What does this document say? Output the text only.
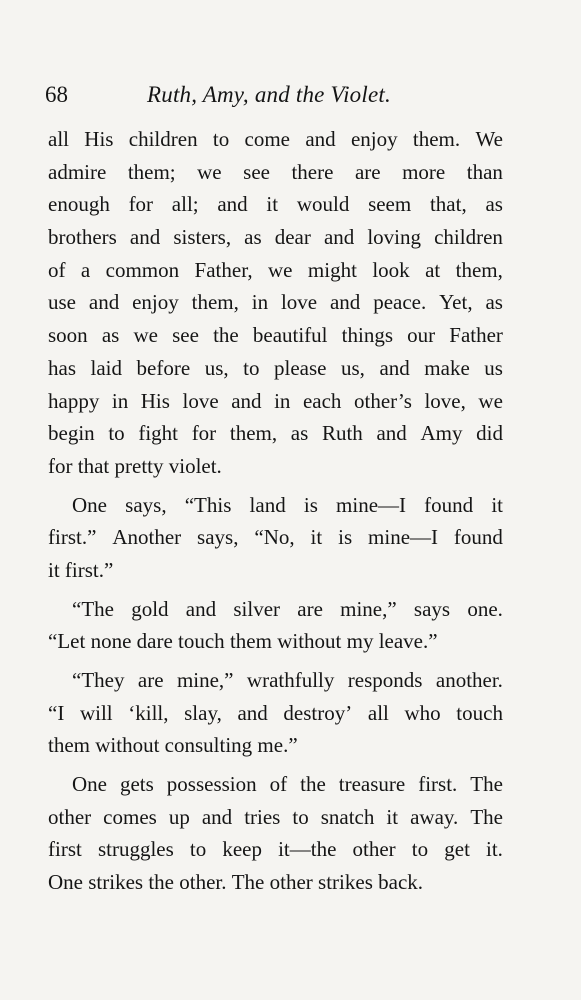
68	Ruth, Amy, and the Violet.
all His children to come and enjoy them. We
admire them; we see there are more than
enough for all; and it would seem that, as
brothers and sisters, as dear and loving children
of a common Father, we might look at them,
use and enjoy them, in love and peace. Yet, as
soon as we see the beautiful things our Father
has laid before us, to please us, and make us
happy in His love and in each other’s love, we
begin to fight for them, as Ruth and Amy did
for that pretty violet.
One says, “This land is mine—I found it
first.” Another says, “No, it is mine—I found
it first.”
“The gold and silver are mine,” says one.
“Let none dare touch them without my leave.”
“They are mine,” wrathfully responds another.
“I will ‘kill, slay, and destroy’ all who touch
them without consulting me.”
One gets possession of the treasure first. The
other comes up and tries to snatch it away. The
first struggles to keep it—the other to get it.
One strikes the other. The other strikes back.
